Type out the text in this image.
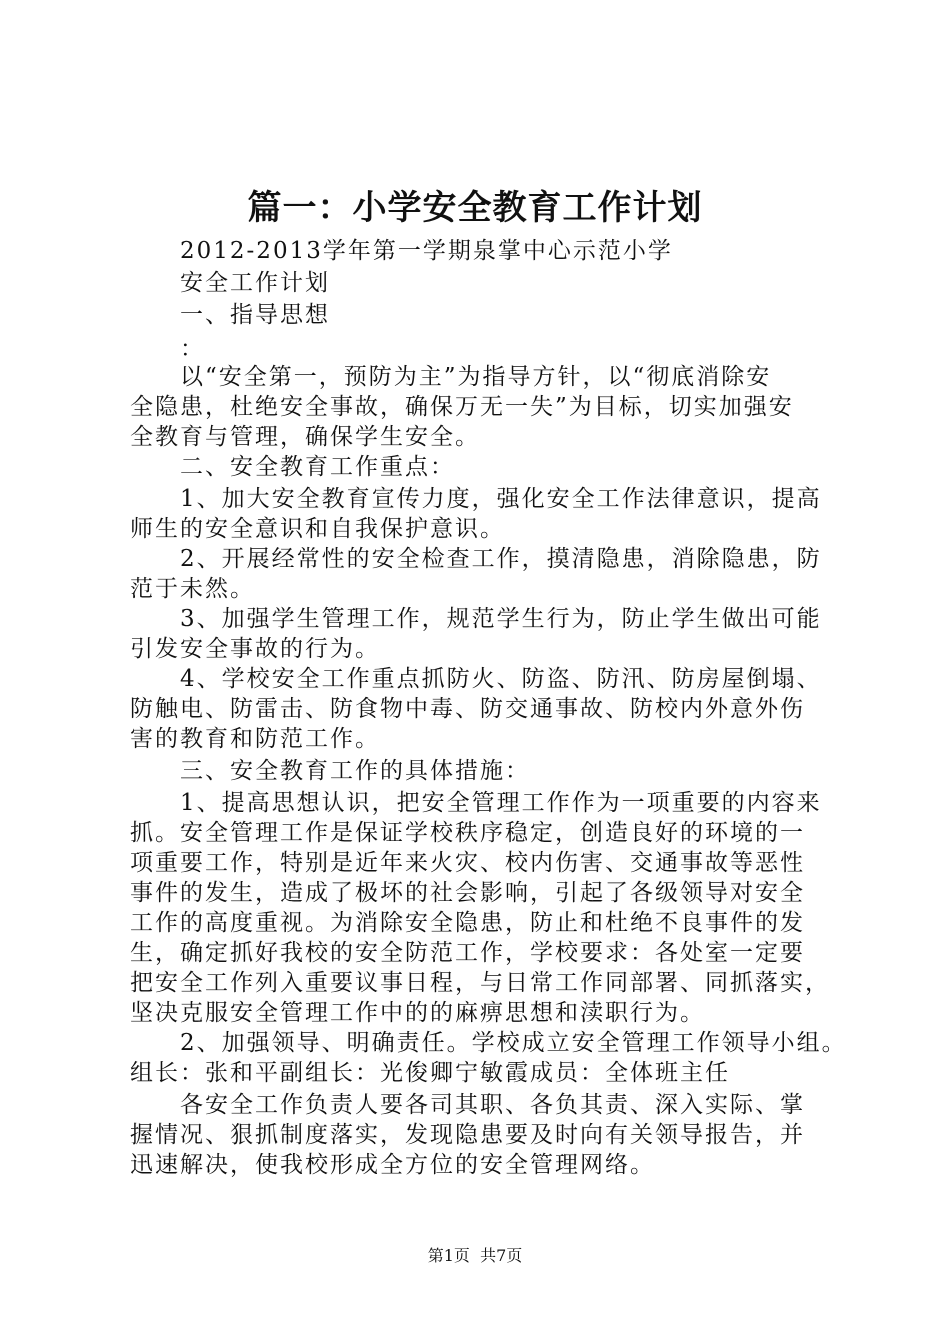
篇一：小学安全教育工作计划
2012-2013学年第一学期泉掌中心示范小学
安全工作计划
一、指导思想
：
以“安全第一，预防为主”为指导方针，以“彻底消除安
全隐患，杜绝安全事故，确保万无一失”为目标，切实加强安
全教育与管理，确保学生安全。
二、安全教育工作重点：
1、加大安全教育宣传力度，强化安全工作法律意识，提高
师生的安全意识和自我保护意识。
2、开展经常性的安全检查工作，摸清隐患，消除隐患，防
范于未然。
3、加强学生管理工作，规范学生行为，防止学生做出可能
引发安全事故的行为。
4、学校安全工作重点抓防火、防盗、防汛、防房屋倒塌、
防触电、防雷击、防食物中毒、防交通事故、防校内外意外伤
害的教育和防范工作。
三、安全教育工作的具体措施：
1、提高思想认识，把安全管理工作作为一项重要的内容来
抓。安全管理工作是保证学校秩序稳定，创造良好的环境的一
项重要工作，特别是近年来火灾、校内伤害、交通事故等恶性
事件的发生，造成了极坏的社会影响，引起了各级领导对安全
工作的高度重视。为消除安全隐患，防止和杜绝不良事件的发
生，确定抓好我校的安全防范工作，学校要求：各处室一定要
把安全工作列入重要议事日程，与日常工作同部署、同抓落实，
坚决克服安全管理工作中的的麻痹思想和渎职行为。
2、加强领导、明确责任。学校成立安全管理工作领导小组。
组长：张和平副组长：光俊卿宁敏霞成员：全体班主任
各安全工作负责人要各司其职、各负其责、深入实际、掌
握情况、狠抓制度落实，发现隐患要及时向有关领导报告，并
迅速解决，使我校形成全方位的安全管理网络。
第1页  共7页
